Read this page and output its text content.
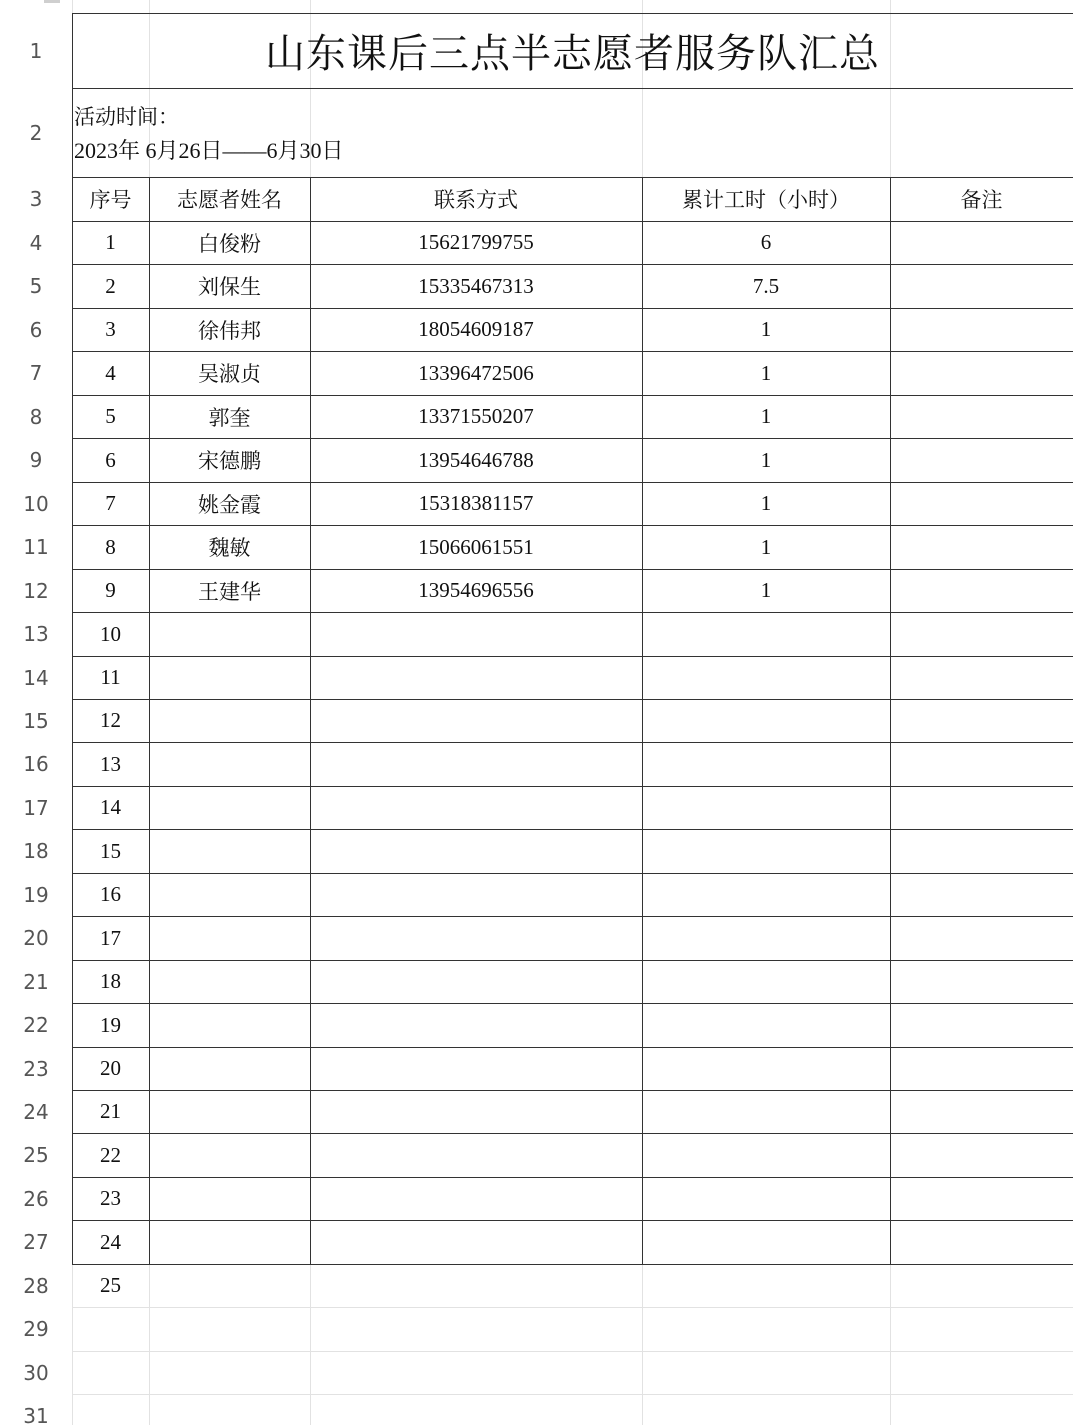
1
2
3
4
5
6
7
8
9
10
11
12
13
14
15
16
17
18
19
20
21
22
23
24
25
26
27
28
29
30
31
山东课后三点半志愿者服务队汇总
活动时间：
2023年 6月26日——6月30日
序号	志愿者姓名	联系方式	累计工时（小时）	备注
1	白俊粉	15621799755	6
2	刘保生	15335467313	7.5
3	徐伟邦	18054609187	1
4	吴淑贞	13396472506	1
5	郭奎	13371550207	1
6	宋德鹏	13954646788	1
7	姚金霞	15318381157	1
8	魏敏	15066061551	1
9	王建华	13954696556	1
10
11
12
13
14
15
16
17
18
19
20
21
22
23
24
25
